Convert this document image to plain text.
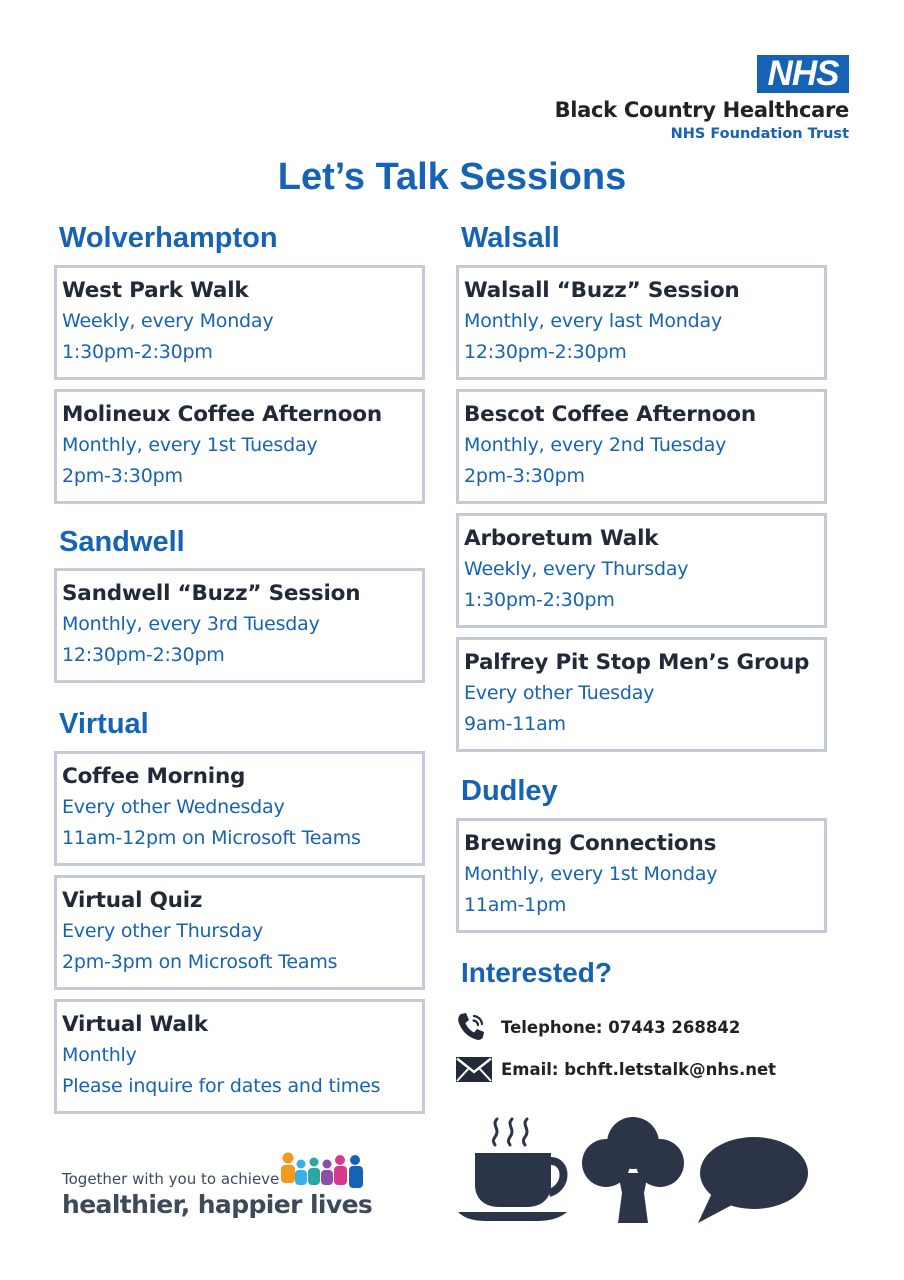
NHS
Black Country Healthcare
NHS Foundation Trust
Let’s Talk Sessions
Wolverhampton
West Park Walk
Weekly, every Monday
1:30pm-2:30pm
Molineux Coffee Afternoon
Monthly, every 1st Tuesday
2pm-3:30pm
Sandwell
Sandwell “Buzz” Session
Monthly, every 3rd Tuesday
12:30pm-2:30pm
Virtual
Coffee Morning
Every other Wednesday
11am-12pm on Microsoft Teams
Virtual Quiz
Every other Thursday
2pm-3pm on Microsoft Teams
Virtual Walk
Monthly
Please inquire for dates and times
Walsall
Walsall “Buzz” Session
Monthly, every last Monday
12:30pm-2:30pm
Bescot Coffee Afternoon
Monthly, every 2nd Tuesday
2pm-3:30pm
Arboretum Walk
Weekly, every Thursday
1:30pm-2:30pm
Palfrey Pit Stop Men’s Group
Every other Tuesday
9am-11am
Dudley
Brewing Connections
Monthly, every 1st Monday
11am-1pm
Interested?
Telephone: 07443 268842
Email: bchft.letstalk@nhs.net
Together with you to achieve
healthier, happier lives
